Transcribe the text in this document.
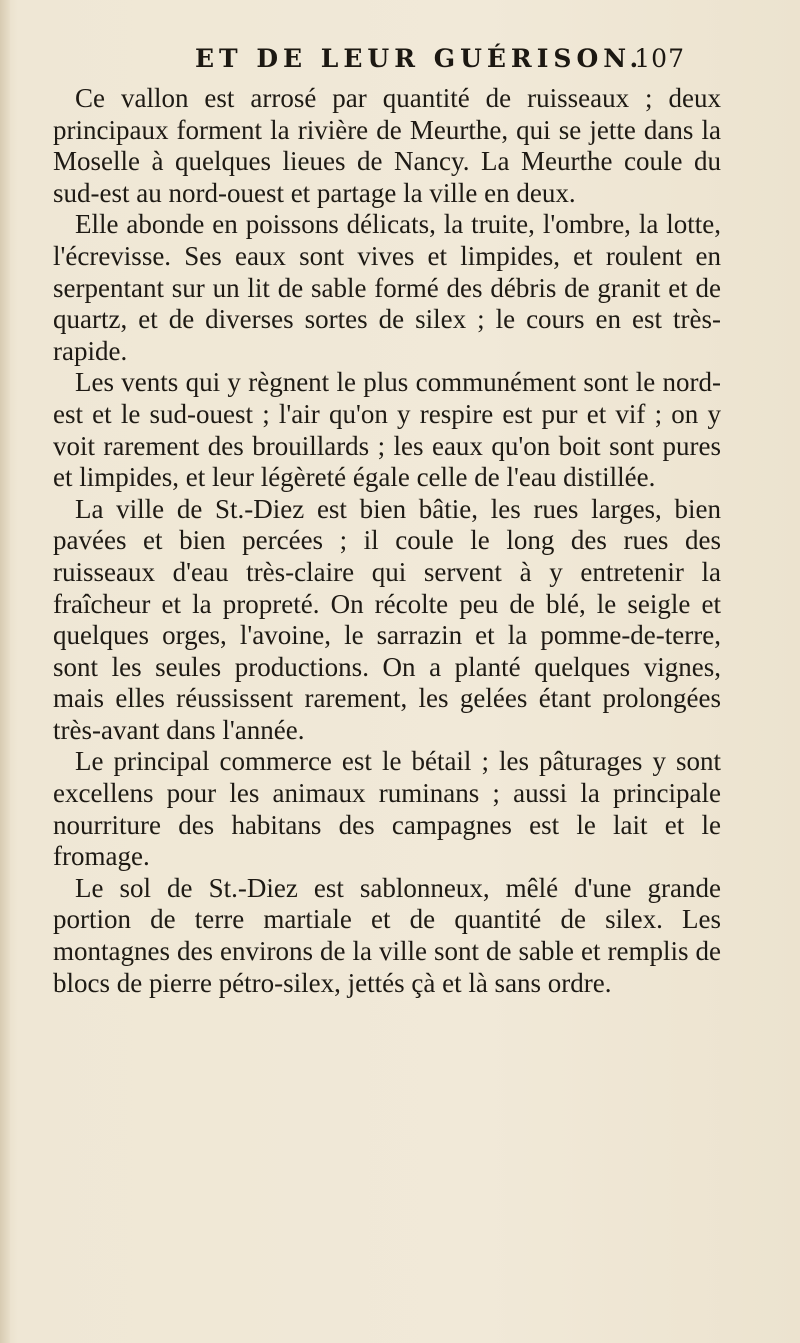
ET DE LEUR GUÉRISON.
107

Ce vallon est arrosé par quantité de ruisseaux ; deux principaux forment la rivière de Meurthe, qui se jette dans la Moselle à quelques lieues de Nancy. La Meurthe coule du sud-est au nord-ouest et partage la ville en deux.

Elle abonde en poissons délicats, la truite, l'ombre, la lotte, l'écrevisse. Ses eaux sont vives et limpides, et roulent en serpentant sur un lit de sable formé des débris de granit et de quartz, et de diverses sortes de silex ; le cours en est très-rapide.

Les vents qui y règnent le plus communément sont le nord-est et le sud-ouest ; l'air qu'on y respire est pur et vif ; on y voit rarement des brouillards ; les eaux qu'on boit sont pures et limpides, et leur légèreté égale celle de l'eau distillée.

La ville de St.-Diez est bien bâtie, les rues larges, bien pavées et bien percées ; il coule le long des rues des ruisseaux d'eau très-claire qui servent à y entretenir la fraîcheur et la propreté. On récolte peu de blé, le seigle et quelques orges, l'avoine, le sarrazin et la pomme-de-terre, sont les seules productions. On a planté quelques vignes, mais elles réussissent rarement, les gelées étant prolongées très-avant dans l'année.

Le principal commerce est le bétail ; les pâturages y sont excellens pour les animaux ruminans ; aussi la principale nourriture des habitans des campagnes est le lait et le fromage.

Le sol de St.-Diez est sablonneux, mêlé d'une grande portion de terre martiale et de quantité de silex. Les montagnes des environs de la ville sont de sable et remplis de blocs de pierre pétro-silex, jettés çà et là sans ordre.
